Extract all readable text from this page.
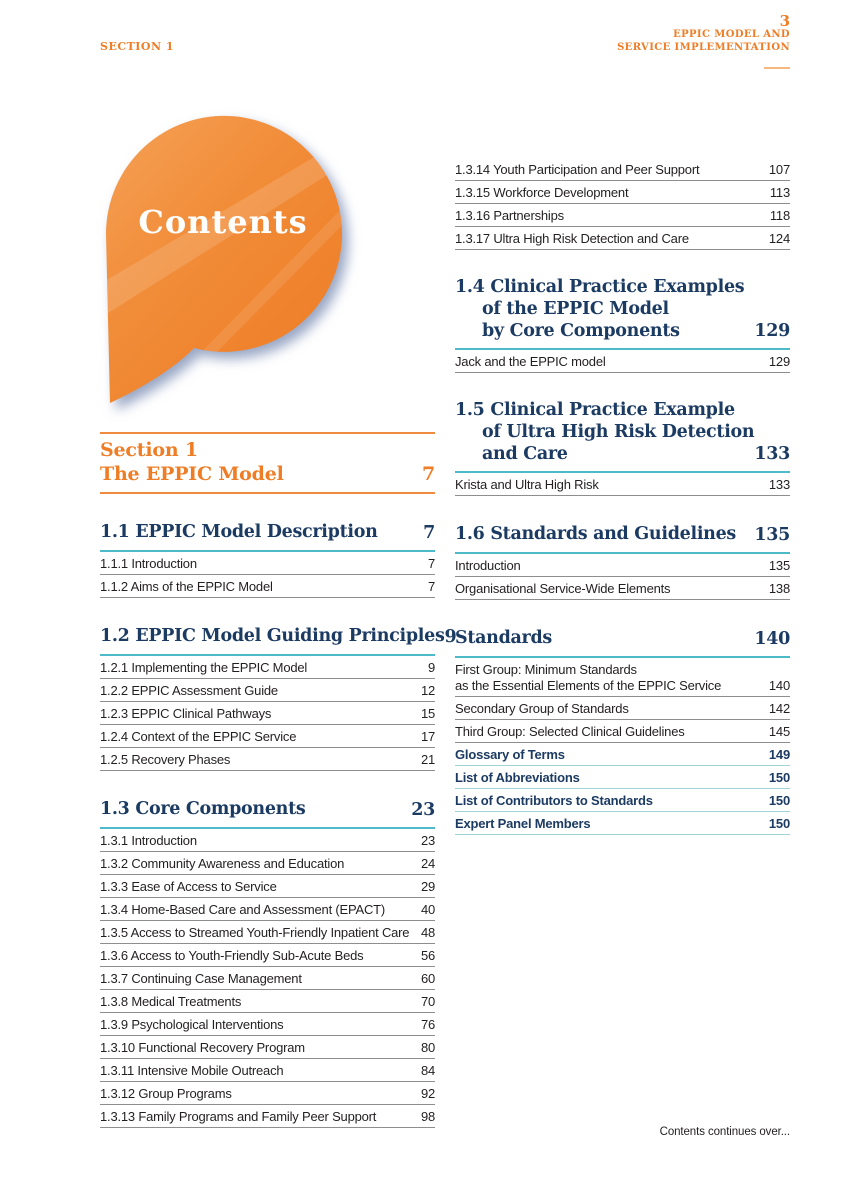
SECTION 1
3
EPPIC MODEL AND
SERVICE IMPLEMENTATION
Contents
Section 1
The EPPIC Model	7
1.1 EPPIC Model Description	7
1.1.1 Introduction	7
1.1.2 Aims of the EPPIC Model	7
1.2 EPPIC Model Guiding Principles 9
1.2.1 Implementing the EPPIC Model	9
1.2.2 EPPIC Assessment Guide	12
1.2.3 EPPIC Clinical Pathways	15
1.2.4 Context of the EPPIC Service	17
1.2.5 Recovery Phases	21
1.3 Core Components	23
1.3.1 Introduction	23
1.3.2 Community Awareness and Education	24
1.3.3 Ease of Access to Service	29
1.3.4 Home-Based Care and Assessment (EPACT)	40
1.3.5 Access to Streamed Youth-Friendly Inpatient Care 48
1.3.6 Access to Youth-Friendly Sub-Acute Beds	56
1.3.7 Continuing Case Management	60
1.3.8 Medical Treatments	70
1.3.9 Psychological Interventions	76
1.3.10 Functional Recovery Program	80
1.3.11 Intensive Mobile Outreach	84
1.3.12 Group Programs	92
1.3.13 Family Programs and Family Peer Support	98
1.3.14 Youth Participation and Peer Support	107
1.3.15 Workforce Development	113
1.3.16 Partnerships	118
1.3.17 Ultra High Risk Detection and Care	124
1.4 Clinical Practice Examples
of the EPPIC Model
by Core Components	129
Jack and the EPPIC model	129
1.5 Clinical Practice Example
of Ultra High Risk Detection
and Care	133
Krista and Ultra High Risk	133
1.6 Standards and Guidelines 135
Introduction	135
Organisational Service-Wide Elements	138
Standards	140
First Group: Minimum Standards
as the Essential Elements of the EPPIC Service	140
Secondary Group of Standards	142
Third Group: Selected Clinical Guidelines	145
Glossary of Terms	149
List of Abbreviations	150
List of Contributors to Standards	150
Expert Panel Members	150
Contents continues over...
